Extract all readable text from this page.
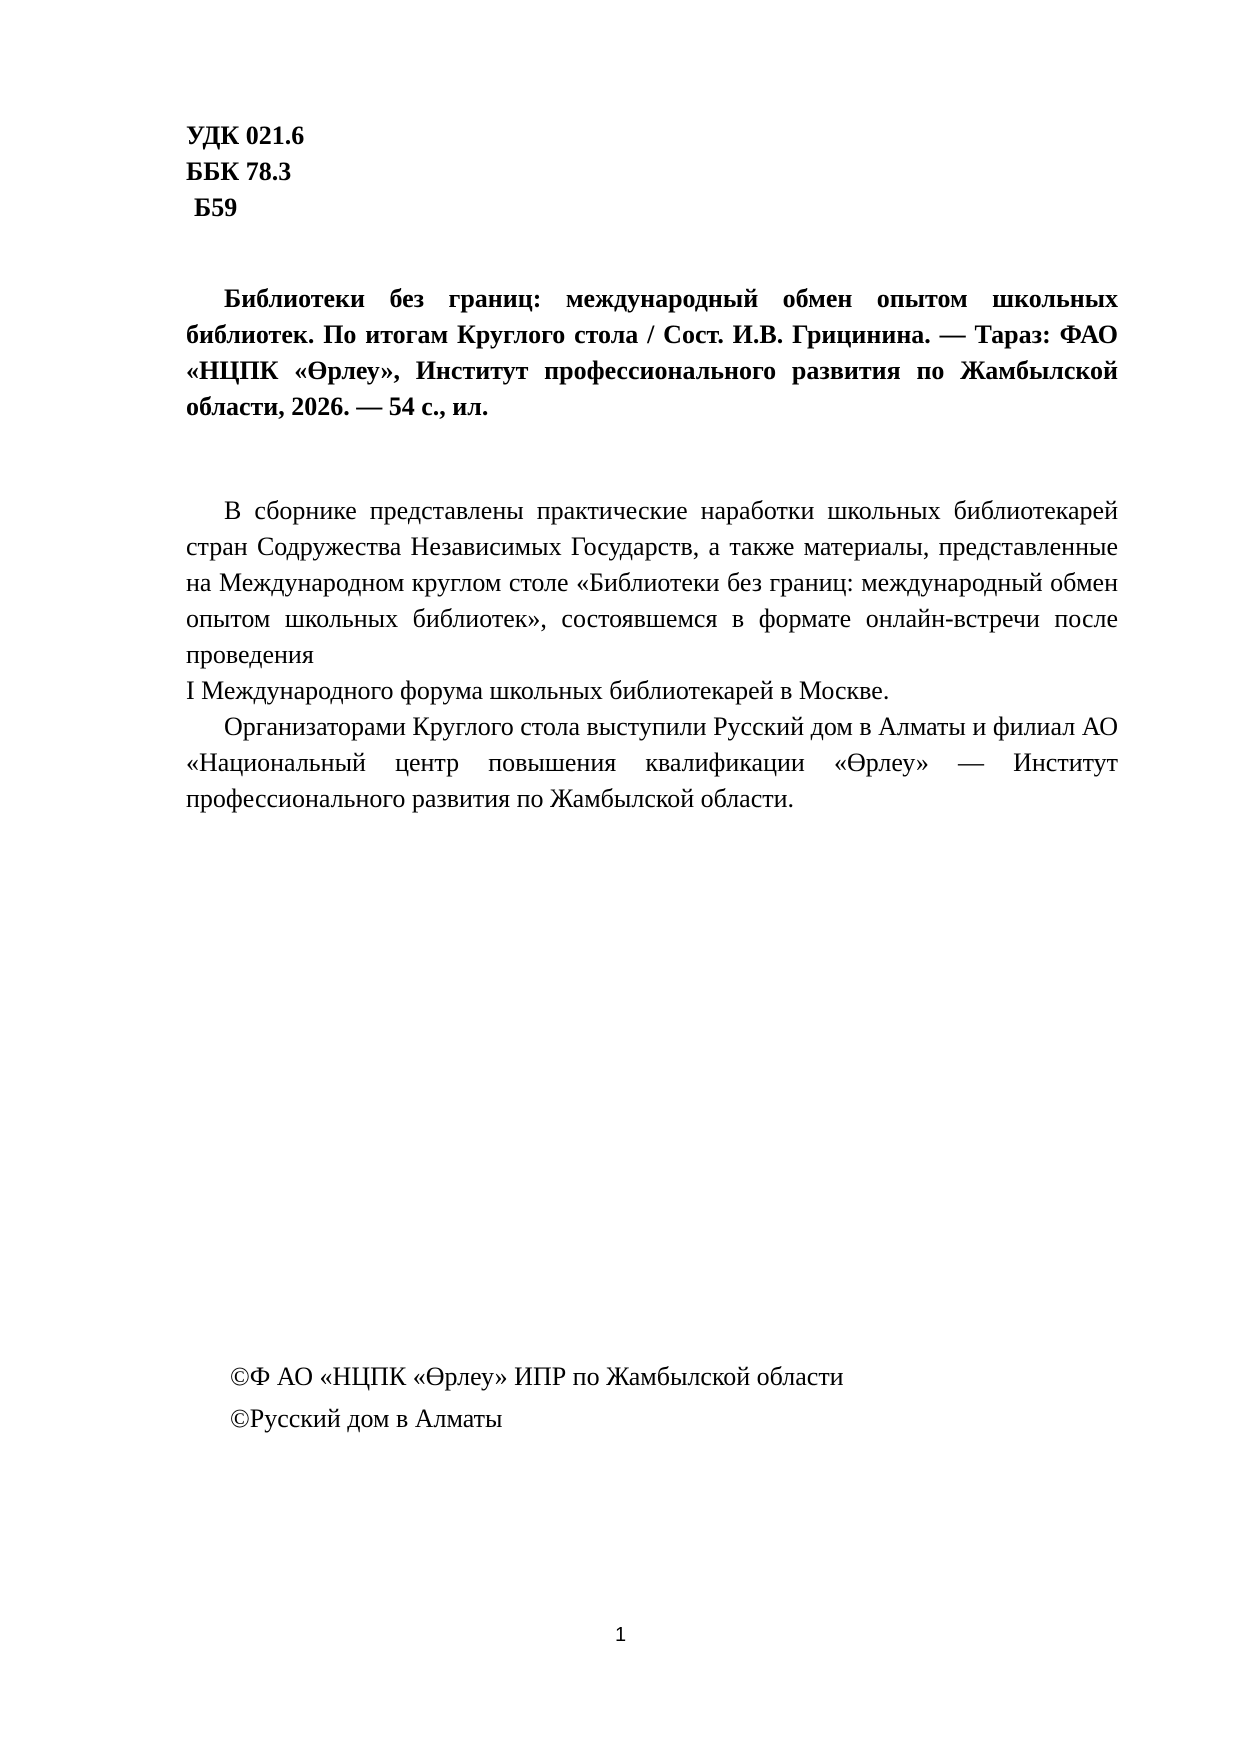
УДК 021.6
ББК 78.3
Б59

Библиотеки без границ: международный обмен опытом школьных библиотек. По итогам Круглого стола / Сост. И.В. Грицинина. — Тараз: ФАО «НЦПК «Өрлеу», Институт профессионального развития по Жамбылской области, 2026. — 54 с., ил.

В сборнике представлены практические наработки школьных библиотекарей стран Содружества Независимых Государств, а также материалы, представленные на Международном круглом столе «Библиотеки без границ: международный обмен опытом школьных библиотек», состоявшемся в формате онлайн-встречи после проведения
I Международного форума школьных библиотекарей в Москве.

Организаторами Круглого стола выступили Русский дом в Алматы и филиал АО «Национальный центр повышения квалификации «Өрлеу» — Институт профессионального развития по Жамбылской области.

©Ф АО «НЦПК «Өрлеу» ИПР по Жамбылской области
©Русский дом в Алматы
1
